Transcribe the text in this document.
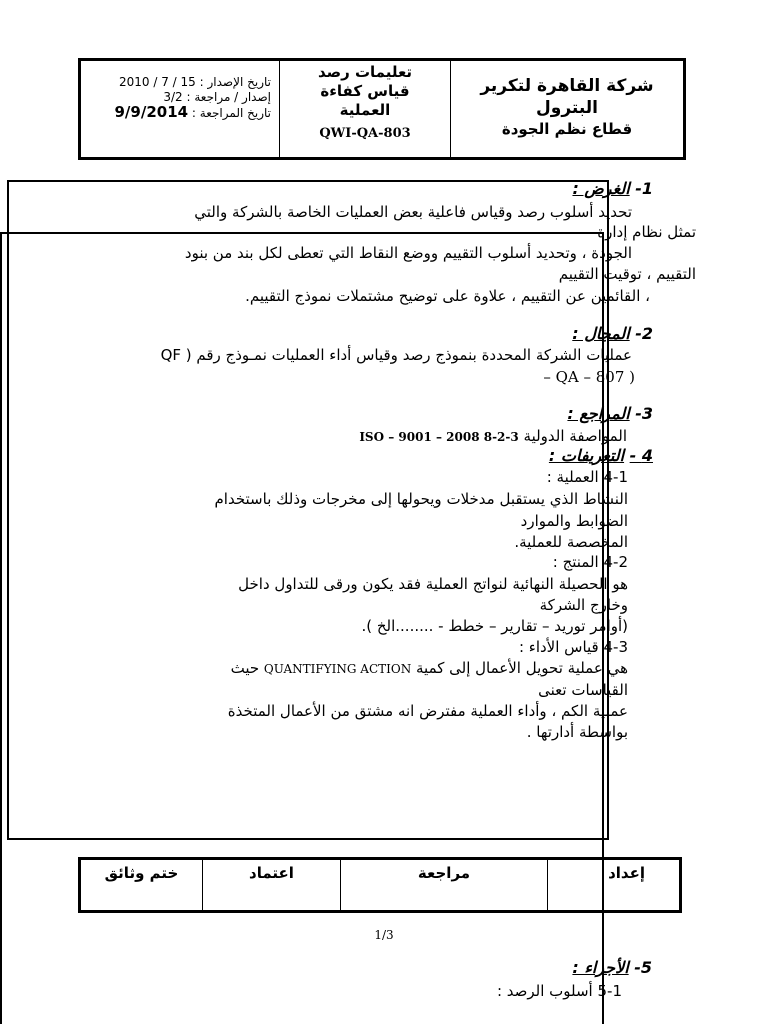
شركة القاهرة لتكرير البترول
قطاع نظم الجودة
تعليمات رصد
قياس كفاءة
العملية
QWI-QA-803
تاريخ الإصدار : 15 / 7 / 2010
إصدار / مراجعة : 3/2
تاريخ المراجعة : 9/9/2014
1- الغرض :
تحديد أسلوب رصد وقياس فاعلية بعض العمليات الخاصة بالشركة والتي
تمثل نظام إدارة
الجودة ، وتحديد أسلوب التقييم ووضع النقاط التي تعطى لكل بند من بنود
التقييم ، توقيت التقييم
، القائمين عن التقييم ، علاوة على توضيح مشتملات نموذج التقييم.
2- المجال :
عمليات الشركة المحددة بنموذج رصد وقياس أداء العمليات نمـوذج رقم ( QF
– QA – 807 )
3- المراجع :
المواصفة الدولية ISO – 9001 – 2008 8-2-3
4 - التعريفات :
4-1 العملية :
النشاط الذي يستقبل مدخلات ويحولها إلى مخرجات وذلك باستخدام
الضوابط والموارد
المخصصة للعملية.
4-2 المنتج :
هو الحصيلة النهائية لنواتج العملية فقد يكون ورقى للتداول داخل
وخارج الشركة
(أوامر توريد – تقارير – خطط - ........الخ ).
4-3 قياس الأداء :
هي عملية تحويل الأعمال إلى كمية QUANTIFYING ACTION حيث
القياسات تعنى
عملية الكم ، وأداء العملية مفترض انه مشتق من الأعمال المتخذة
بواسطة أدارتها .
إعداد
مراجعة
اعتماد
ختم وثائق
1/3
5- الأجراء :
5-1 أسلوب الرصد :
